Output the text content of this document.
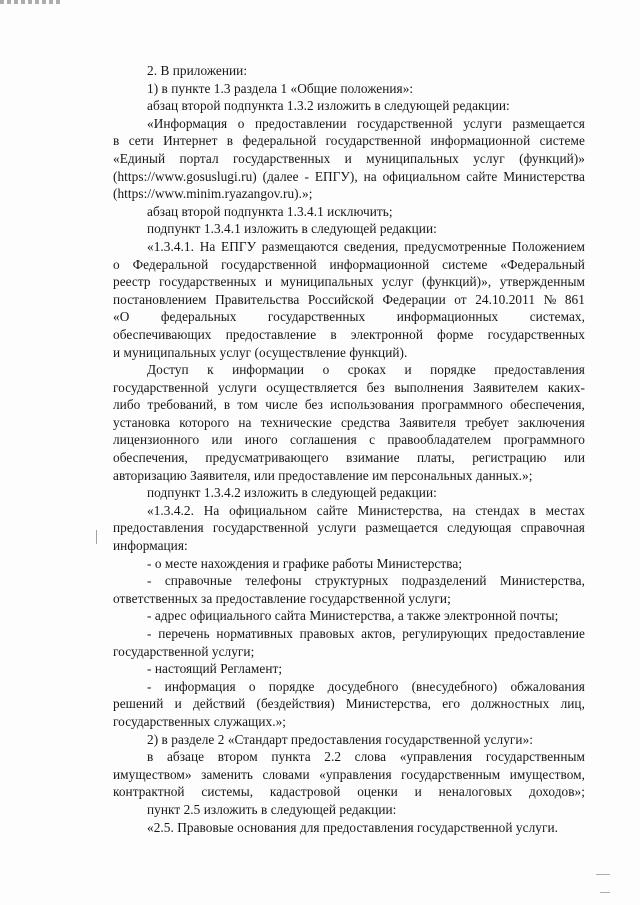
2. В приложении:
1) в пункте 1.3 раздела 1 «Общие положения»:
абзац второй подпункта 1.3.2 изложить в следующей редакции:
«Информация о предоставлении государственной услуги размещается
в сети Интернет в федеральной государственной информационной системе
«Единый портал государственных и муниципальных услуг (функций)»
(https://www.gosuslugi.ru) (далее - ЕПГУ), на официальном сайте Министерства
(https://www.minim.ryazangov.ru).»;
абзац второй подпункта 1.3.4.1 исключить;
подпункт 1.3.4.1 изложить в следующей редакции:
«1.3.4.1. На ЕПГУ размещаются сведения, предусмотренные Положением
о Федеральной государственной информационной системе «Федеральный
реестр государственных и муниципальных услуг (функций)», утвержденным
постановлением Правительства Российской Федерации от 24.10.2011 № 861
«О федеральных государственных информационных системах,
обеспечивающих предоставление в электронной форме государственных
и муниципальных услуг (осуществление функций).
Доступ к информации о сроках и порядке предоставления
государственной услуги осуществляется без выполнения Заявителем каких-
либо требований, в том числе без использования программного обеспечения,
установка которого на технические средства Заявителя требует заключения
лицензионного или иного соглашения с правообладателем программного
обеспечения, предусматривающего взимание платы, регистрацию или
авторизацию Заявителя, или предоставление им персональных данных.»;
подпункт 1.3.4.2 изложить в следующей редакции:
«1.3.4.2. На официальном сайте Министерства, на стендах в местах
предоставления государственной услуги размещается следующая справочная
информация:
- о месте нахождения и графике работы Министерства;
- справочные телефоны структурных подразделений Министерства,
ответственных за предоставление государственной услуги;
- адрес официального сайта Министерства, а также электронной почты;
- перечень нормативных правовых актов, регулирующих предоставление
государственной услуги;
- настоящий Регламент;
- информация о порядке досудебного (внесудебного) обжалования
решений и действий (бездействия) Министерства, его должностных лиц,
государственных служащих.»;
2) в разделе 2 «Стандарт предоставления государственной услуги»:
в абзаце втором пункта 2.2 слова «управления государственным
имуществом» заменить словами «управления государственным имуществом,
контрактной системы, кадастровой оценки и неналоговых доходов»;
пункт 2.5 изложить в следующей редакции:
«2.5. Правовые основания для предоставления государственной услуги.
